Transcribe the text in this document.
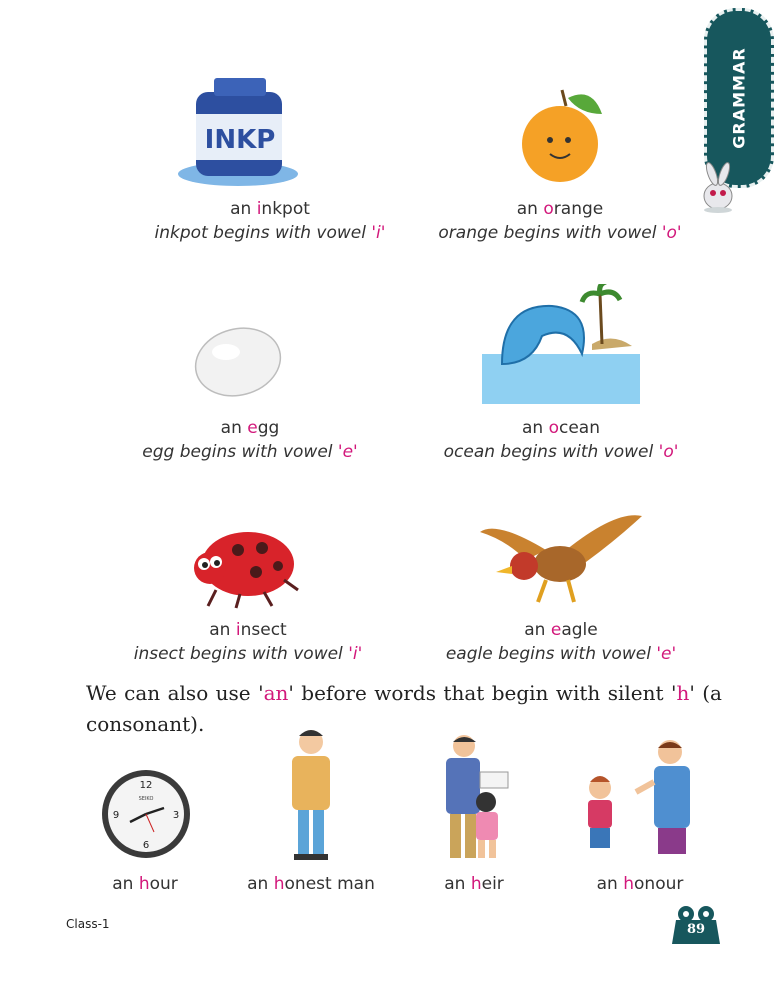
GRAMMAR
INKP
an inkpot
inkpot begins with vowel 'i'
an orange
orange begins with vowel 'o'
an egg
egg begins with vowel 'e'
an ocean
ocean begins with vowel 'o'
an insect
insect begins with vowel 'i'
an eagle
eagle begins with vowel 'e'
We can also use 'an' before words that begin with silent 'h' (a consonant).
12
3
6
9
SEIKO
an hour	an honest man	an heir	an honour
Class-1	89
